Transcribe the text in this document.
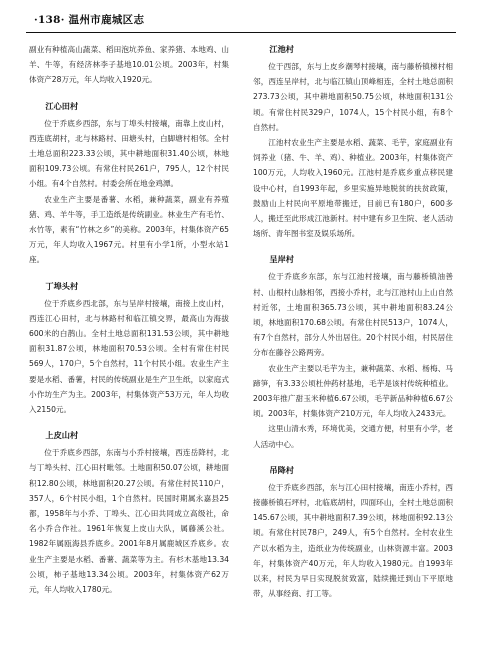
·138· 温州市鹿城区志

副业有种植高山蔬菜、稻田泡坑养鱼、家养猪、本地鸡、山羊、牛等，有经济林李子基地10.01公顷。2003年，村集体资产28万元，年人均收入1920元。

江心田村

位于乔底乡西部，东与丁埠头村接壤，南靠上皮山村，西连底胡村，北与林路村、田塘头村，白脚塘村相邻。全村土地总面积223.33公顷，其中耕地面积31.40公顷，林地面积109.73公顷。有常住村民261户，795人，12个村民小组。有4个自然村。村委会所在地金鸡潭。

农业生产主要是番薯、水稻，兼种蔬菜，副业有养殖猪、鸡、羊牛等，手工造纸是传统副业。林业生产有毛竹、水竹等，素有“竹林之乡”的美称。2003年，村集体资产65万元，年人均收入1967元。村里有小学1所，小型水站1座。

丁埠头村

位于乔底乡西北部，东与呈岸村接壤，南接上皮山村，西连江心田村，北与林路村和临江镇交界，最高山为海拔600米的白鹊山。全村土地总面积131.53公顷，其中耕地面积31.87公顷，林地面积70.53公顷。全村有常住村民569人，170户，5个自然村，11个村民小组。农业生产主要是水稻、番薯，村民的传统副业是生产卫生纸，以家庭式小作坊生产为主。2003年，村集体资产53万元，年人均收入2150元。

上皮山村

位于乔底乡西部，东南与小乔村接壤，西连岳降村，北与丁埠头村、江心田村毗邻。土地面积50.07公顷，耕地面积12.80公顷，林地面积20.27公顷。有常住村民110户，357人，6个村民小组，1个自然村。民国时期属永嘉县25都，1958年与小乔、丁埠头、江心田共同成立高级社，命名小乔合作社。1961年恢复上皮山大队，属藤溪公社。1982年属瓯海县乔底乡。2001年8月属鹿城区乔底乡。农业生产主要是水稻、番薯、蔬菜等为主。有杉木基地13.34公顷，柿子基地13.34公顷。2003年，村集体资产62万元，年人均收入1780元。

江池村

位于西部，东与上皮乡潮琴村接壤，南与藤桥镇梯村相邻，西连呈岸村，北与临江镇山顶峰相连，全村土地总面积273.73公顷，其中耕地面积50.75公顷，林地面积131公顷。有常住村民329户，1074人，15个村民小组，有8个自然村。

江池村农业生产主要是水稻、蔬菜、毛芋，家庭副业有饲养业（猪、牛、羊、鸡）、种植业。2003年，村集体资产100万元，人均收入1960元。江池村是乔底乡重点移民建设中心村，自1993年起，乡里实施异地脱贫的扶贫政策，鼓励山上村民向平原地带搬迁，目前已有180户，600多人，搬迁至此形成江池新村。村中建有乡卫生院、老人活动场所、青年图书室及娱乐场所。

呈岸村

位于乔底乡东部，东与江池村接壤，南与藤桥镇油善村、山根村山脉相邻，西接小乔村，北与江池村山上山自然村近邻，土地面积365.73公顷，其中耕地面积83.24公顷，林地面积170.68公顷。有常住村民513户，1074人，有7个自然村，部分人外出居住。20个村民小组，村民居住分布在藤谷公路两旁。

农业生产主要以毛芋为主，兼种蔬菜、水稻、杨梅、马蹄笋，有3.33公顷杜仲药材基地，毛芋是该村传统种植业。2003年推广甜玉米种植6.67公顷，毛芋新品种种植6.67公顷。2003年，村集体资产210万元，年人均收入2433元。

这里山清水秀，环境优美，交通方便，村里有小学，老人活动中心。

吊降村

位于乔底乡西部，东与江心田村接壤，南连小乔村，西接藤桥镇石坪村，北临底胡村，四面环山，全村土地总面积145.67公顷，其中耕地面积7.39公顷，林地面积92.13公顷。有常住村民78户，249人，有5个自然村。全村农业生产以水稻为主，造纸业为传统副业，山林资源丰富。2003年，村集体资产40万元，年人均收入1980元。自1993年以来，村民为早日实现脱贫致富，陆续搬迁到山下平原地带，从事经商、打工等。
